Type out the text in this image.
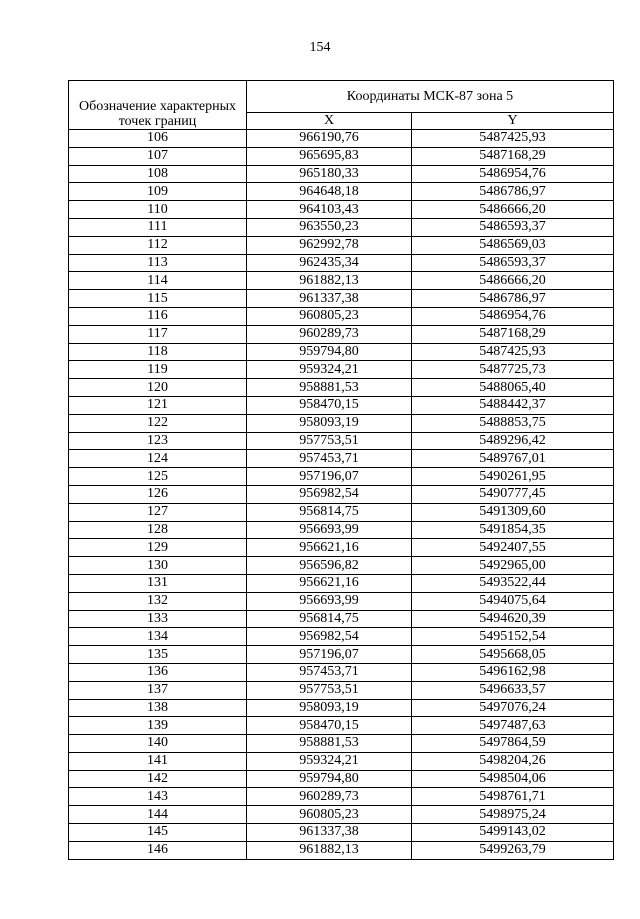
154
Обозначение характерных точек границ	Координаты МСК-87 зона 5	
	X	Y
106	966190,76	5487425,93
107	965695,83	5487168,29
108	965180,33	5486954,76
109	964648,18	5486786,97
110	964103,43	5486666,20
111	963550,23	5486593,37
112	962992,78	5486569,03
113	962435,34	5486593,37
114	961882,13	5486666,20
115	961337,38	5486786,97
116	960805,23	5486954,76
117	960289,73	5487168,29
118	959794,80	5487425,93
119	959324,21	5487725,73
120	958881,53	5488065,40
121	958470,15	5488442,37
122	958093,19	5488853,75
123	957753,51	5489296,42
124	957453,71	5489767,01
125	957196,07	5490261,95
126	956982,54	5490777,45
127	956814,75	5491309,60
128	956693,99	5491854,35
129	956621,16	5492407,55
130	956596,82	5492965,00
131	956621,16	5493522,44
132	956693,99	5494075,64
133	956814,75	5494620,39
134	956982,54	5495152,54
135	957196,07	5495668,05
136	957453,71	5496162,98
137	957753,51	5496633,57
138	958093,19	5497076,24
139	958470,15	5497487,63
140	958881,53	5497864,59
141	959324,21	5498204,26
142	959794,80	5498504,06
143	960289,73	5498761,71
144	960805,23	5498975,24
145	961337,38	5499143,02
146	961882,13	5499263,79
